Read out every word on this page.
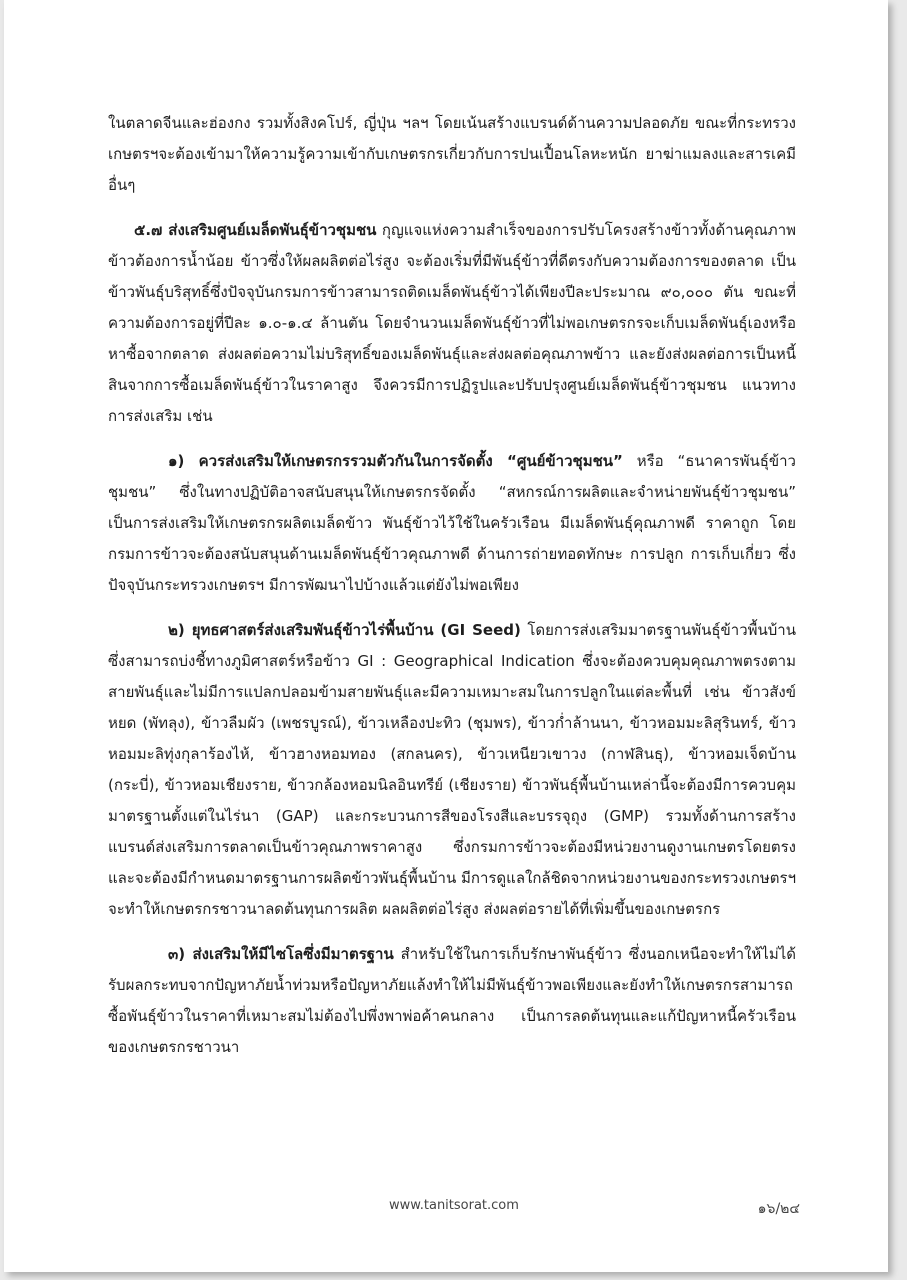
ในตลาดจีนและฮ่องกง รวมทั้งสิงคโปร์, ญี่ปุ่น ฯลฯ โดยเน้นสร้างแบรนด์ด้านความปลอดภัย ขณะที่กระทรวงเกษตรฯจะต้องเข้ามาให้ความรู้ความเข้ากับเกษตรกรเกี่ยวกับการปนเปื้อนโลหะหนัก ยาฆ่าแมลงและสารเคมีอื่นๆ

๕.๗ ส่งเสริมศูนย์เมล็ดพันธุ์ข้าวชุมชน กุญแจแห่งความสำเร็จของการปรับโครงสร้างข้าวทั้งด้านคุณภาพข้าวต้องการน้ำน้อย ข้าวซึ่งให้ผลผลิตต่อไร่สูง จะต้องเริ่มที่มีพันธุ์ข้าวที่ดีตรงกับความต้องการของตลาด เป็นข้าวพันธุ์บริสุทธิ์ซึ่งปัจจุบันกรมการข้าวสามารถติดเมล็ดพันธุ์ข้าวได้เพียงปีละประมาณ ๙๐,๐๐๐ ตัน ขณะที่ความต้องการอยู่ที่ปีละ ๑.๐-๑.๔ ล้านตัน โดยจำนวนเมล็ดพันธุ์ข้าวที่ไม่พอเกษตรกรจะเก็บเมล็ดพันธุ์เองหรือหาซื้อจากตลาด ส่งผลต่อความไม่บริสุทธิ์ของเมล็ดพันธุ์และส่งผลต่อคุณภาพข้าว และยังส่งผลต่อการเป็นหนี้สินจากการซื้อเมล็ดพันธุ์ข้าวในราคาสูง จึงควรมีการปฏิรูปและปรับปรุงศูนย์เมล็ดพันธุ์ข้าวชุมชน แนวทางการส่งเสริม เช่น

๑) ควรส่งเสริมให้เกษตรกรรวมตัวกันในการจัดตั้ง “ศูนย์ข้าวชุมชน” หรือ “ธนาคารพันธุ์ข้าวชุมชน” ซึ่งในทางปฏิบัติอาจสนับสนุนให้เกษตรกรจัดตั้ง “สหกรณ์การผลิตและจำหน่ายพันธุ์ข้าวชุมชน” เป็นการส่งเสริมให้เกษตรกรผลิตเมล็ดข้าว พันธุ์ข้าวไว้ใช้ในครัวเรือน มีเมล็ดพันธุ์คุณภาพดี ราคาถูก โดยกรมการข้าวจะต้องสนับสนุนด้านเมล็ดพันธุ์ข้าวคุณภาพดี ด้านการถ่ายทอดทักษะ การปลูก การเก็บเกี่ยว ซึ่งปัจจุบันกระทรวงเกษตรฯ มีการพัฒนาไปบ้างแล้วแต่ยังไม่พอเพียง

๒) ยุทธศาสตร์ส่งเสริมพันธุ์ข้าวไร่พื้นบ้าน (GI Seed) โดยการส่งเสริมมาตรฐานพันธุ์ข้าวพื้นบ้านซึ่งสามารถบ่งชี้ทางภูมิศาสตร์หรือข้าว GI : Geographical Indication ซึ่งจะต้องควบคุมคุณภาพตรงตามสายพันธุ์และไม่มีการแปลกปลอมข้ามสายพันธุ์และมีความเหมาะสมในการปลูกในแต่ละพื้นที่ เช่น ข้าวสังข์หยด (พัทลุง), ข้าวลืมผัว (เพชรบูรณ์), ข้าวเหลืองปะทิว (ชุมพร), ข้าวก่ำล้านนา, ข้าวหอมมะลิสุรินทร์, ข้าวหอมมะลิทุ่งกุลาร้องไห้, ข้าวฮางหอมทอง (สกลนคร), ข้าวเหนียวเขาวง (กาฬสินธุ), ข้าวหอมเจ็ดบ้าน (กระบี่), ข้าวหอมเชียงราย, ข้าวกล้องหอมนิลอินทรีย์ (เชียงราย) ข้าวพันธุ์พื้นบ้านเหล่านี้จะต้องมีการควบคุมมาตรฐานตั้งแต่ในไร่นา (GAP) และกระบวนการสีของโรงสีและบรรจุถุง (GMP) รวมทั้งด้านการสร้างแบรนด์ส่งเสริมการตลาดเป็นข้าวคุณภาพราคาสูง ซึ่งกรมการข้าวจะต้องมีหน่วยงานดูงานเกษตรโดยตรง และจะต้องมีกำหนดมาตรฐานการผลิตข้าวพันธุ์พื้นบ้าน มีการดูแลใกล้ชิดจากหน่วยงานของกระทรวงเกษตรฯ จะทำให้เกษตรกรชาวนาลดต้นทุนการผลิต ผลผลิตต่อไร่สูง ส่งผลต่อรายได้ที่เพิ่มขึ้นของเกษตรกร

๓) ส่งเสริมให้มีไซโลซึ่งมีมาตรฐาน สำหรับใช้ในการเก็บรักษาพันธุ์ข้าว ซึ่งนอกเหนือจะทำให้ไม่ได้รับผลกระทบจากปัญหาภัยน้ำท่วมหรือปัญหาภัยแล้งทำให้ไม่มีพันธุ์ข้าวพอเพียงและยังทำให้เกษตรกรสามารถซื้อพันธุ์ข้าวในราคาที่เหมาะสมไม่ต้องไปพึ่งพาพ่อค้าคนกลาง เป็นการลดต้นทุนและแก้ปัญหาหนี้ครัวเรือนของเกษตรกรชาวนา

www.tanitsorat.com	๑๖/๒๔
